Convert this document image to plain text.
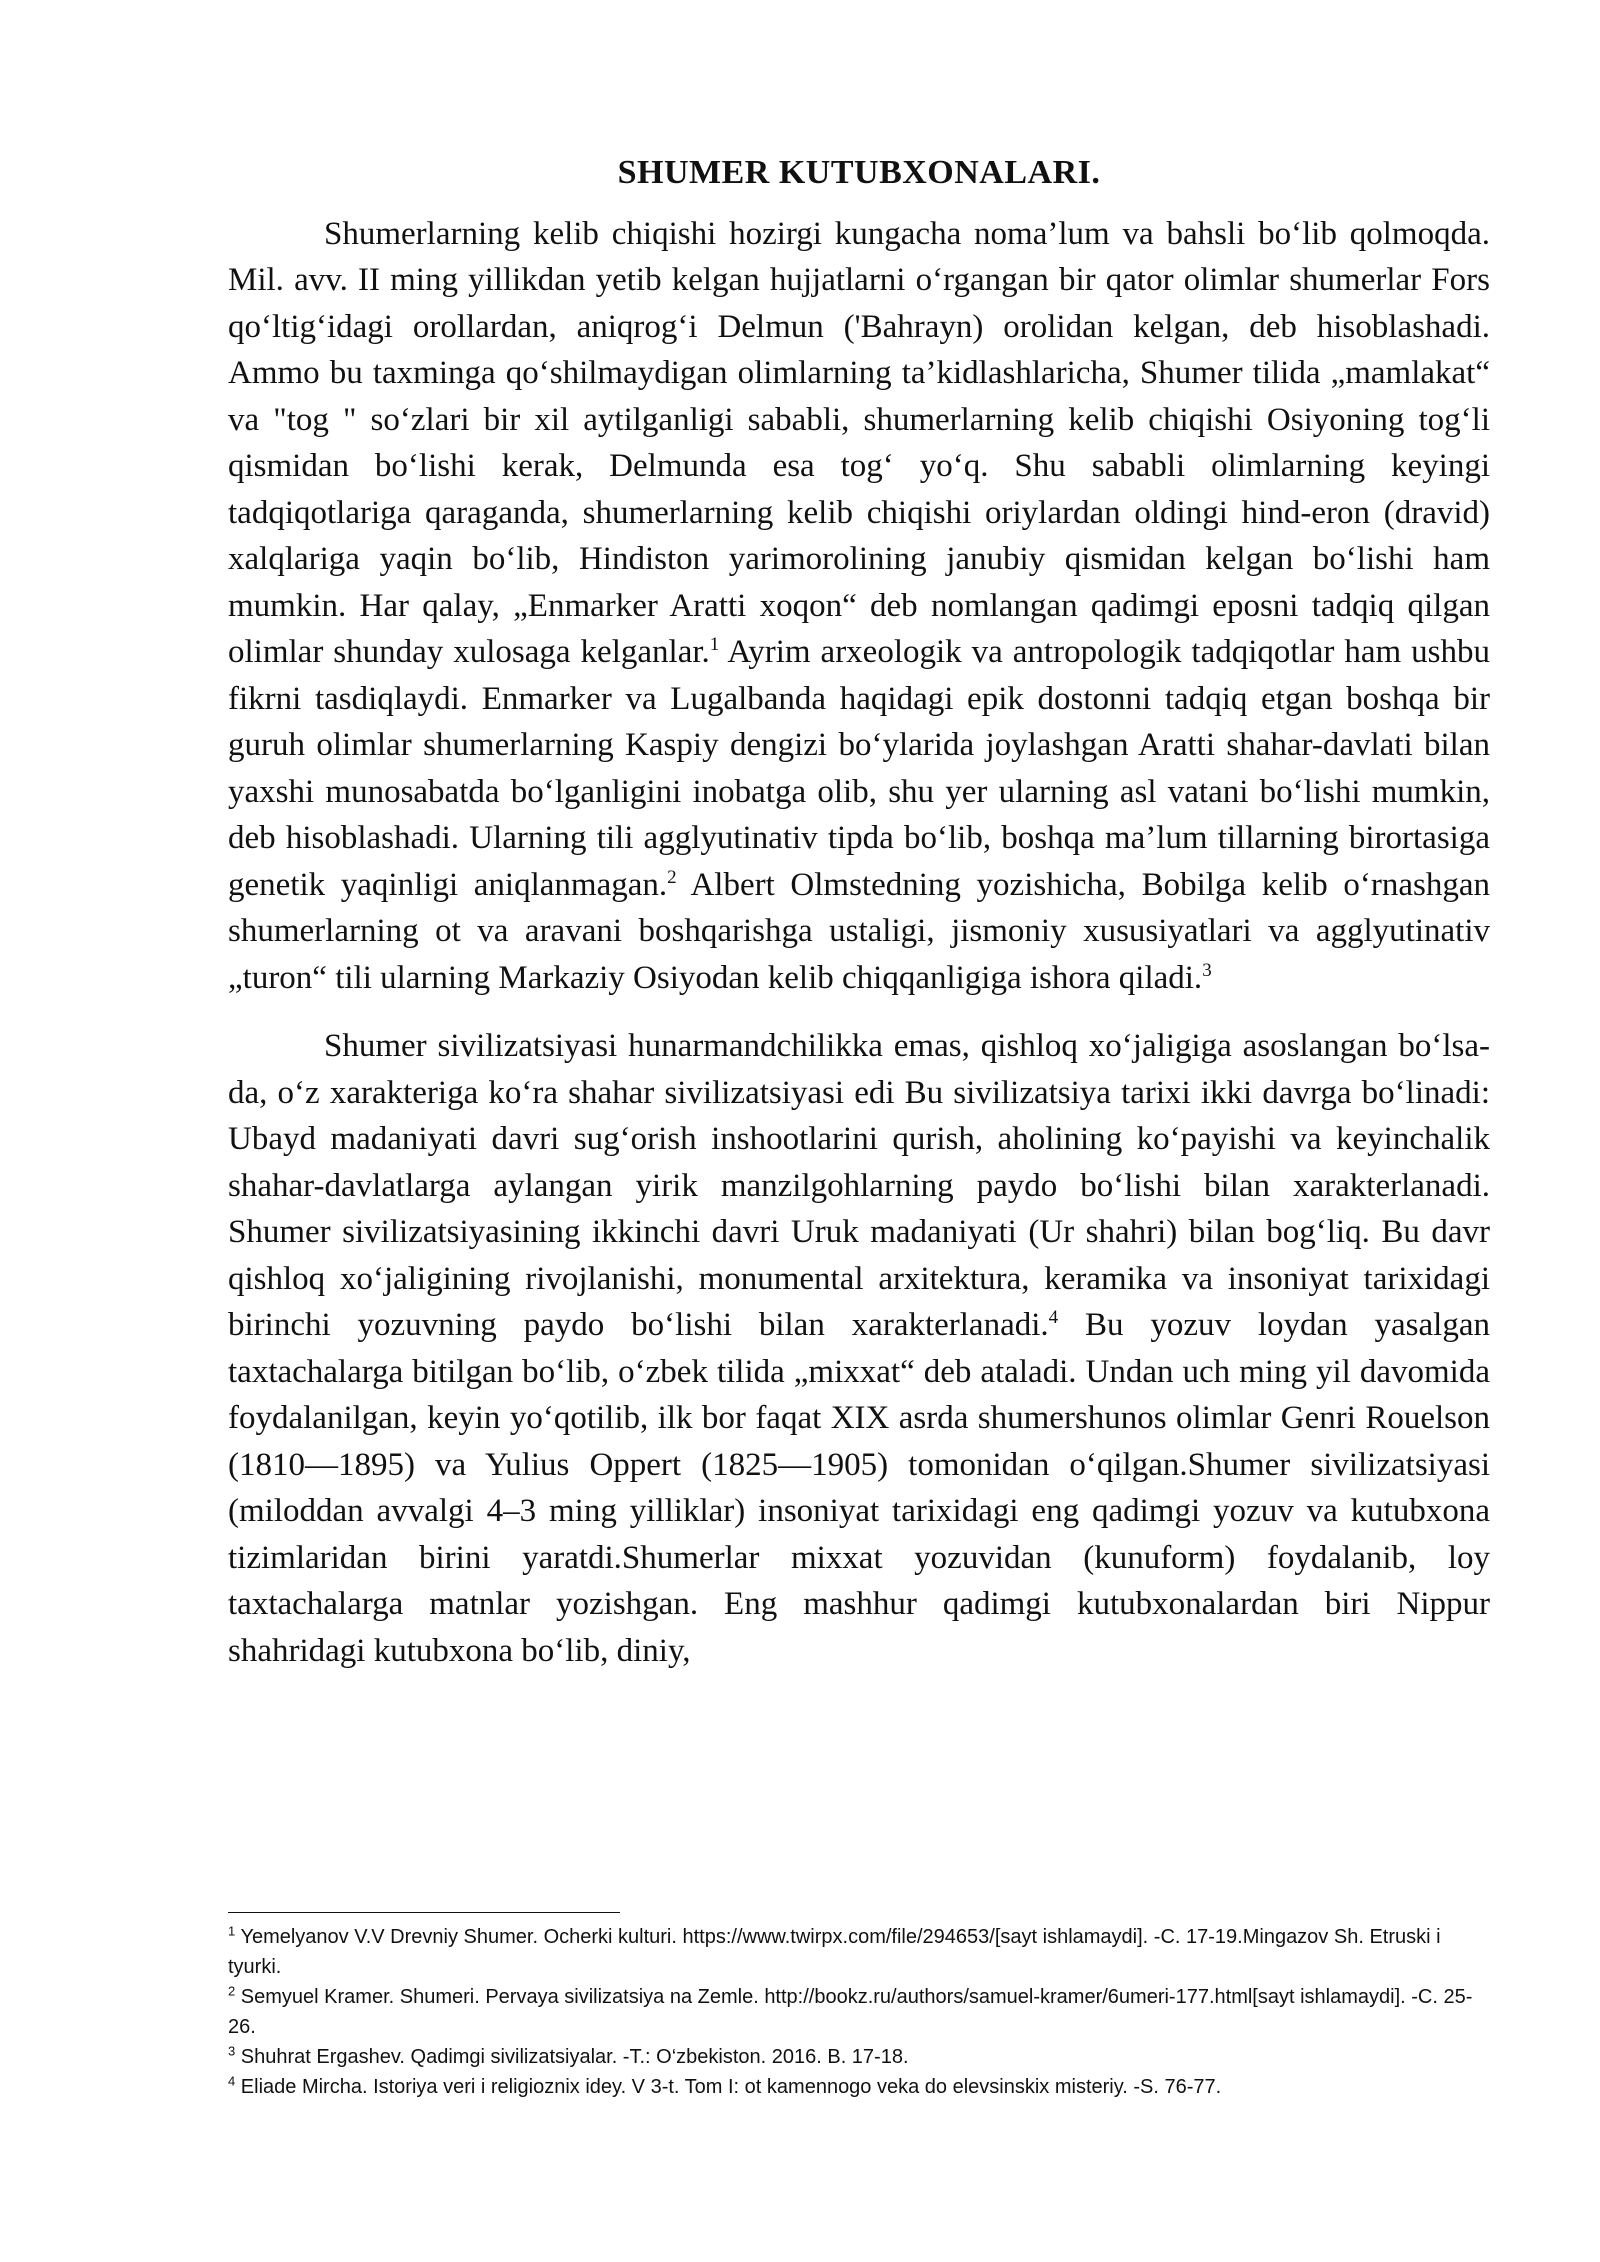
SHUMER KUTUBXONALARI.

Shumerlarning kelib chiqishi hozirgi kungacha noma’lum va bahsli bo‘lib qolmoqda. Mil. avv. II ming yillikdan yetib kelgan hujjatlarni o‘rgangan bir qator olimlar shumerlar Fors qo‘ltig‘idagi orollardan, aniqrog‘i Delmun ('Bahrayn) orolidan kelgan, deb hisoblashadi. Ammo bu taxminga qo‘shilmaydigan olimlarning ta’kidlashlaricha, Shumer tilida „mamlakat“ va "tog " so‘zlari bir xil aytilganligi sababli, shumerlarning kelib chiqishi Osiyoning tog‘li qismidan bo‘lishi kerak, Delmunda esa tog‘ yo‘q. Shu sababli olimlarning keyingi tadqiqotlariga qaraganda, shumerlarning kelib chiqishi oriylardan oldingi hind-eron (dravid) xalqlariga yaqin bo‘lib, Hindiston yarimorolining janubiy qismidan kelgan bo‘lishi ham mumkin. Har qalay, „Enmarker Aratti xoqon“ deb nomlangan qadimgi eposni tadqiq qilgan olimlar shunday xulosaga kelganlar.$^1$ Ayrim arxeologik va antropologik tadqiqotlar ham ushbu fikrni tasdiqlaydi. Enmarker va Lugalbanda haqidagi epik dostonni tadqiq etgan boshqa bir guruh olimlar shumerlarning Kaspiy dengizi bo‘ylarida joylashgan Aratti shahar-davlati bilan yaxshi munosabatda bo‘lganligini inobatga olib, shu yer ularning asl vatani bo‘lishi mumkin, deb hisoblashadi. Ularning tili agglyutinativ tipda bo‘lib, boshqa ma’lum tillarning birortasiga genetik yaqinligi aniqlanmagan.$^2$ Albert Olmstedning yozishicha, Bobilga kelib o‘rnashgan shumerlarning ot va aravani boshqarishga ustaligi, jismoniy xususiyatlari va agglyutinativ „turon“ tili ularning Markaziy Osiyodan kelib chiqqanligiga ishora qiladi.$^3$

Shumer sivilizatsiyasi hunarmandchilikka emas, qishloq xo‘jaligiga asoslangan bo‘lsa-da, o‘z xarakteriga ko‘ra shahar sivilizatsiyasi edi Bu sivilizatsiya tarixi ikki davrga bo‘linadi: Ubayd madaniyati davri sug‘orish inshootlarini qurish, aholining ko‘payishi va keyinchalik shahar-davlatlarga aylangan yirik manzilgohlarning paydo bo‘lishi bilan xarakterlanadi. Shumer sivilizatsiyasining ikkinchi davri Uruk madaniyati (Ur shahri) bilan bog‘liq. Bu davr qishloq xo‘jaligining rivojlanishi, monumental arxitektura, keramika va insoniyat tarixidagi birinchi yozuvning paydo bo‘lishi bilan xarakterlanadi.$^4$ Bu yozuv loydan yasalgan taxtachalarga bitilgan bo‘lib, o‘zbek tilida „mixxat“ deb ataladi. Undan uch ming yil davomida foydalanilgan, keyin yo‘qotilib, ilk bor faqat XIX asrda shumershunos olimlar Genri Rouelson (1810—1895) va Yulius Oppert (1825—1905) tomonidan o‘qilgan.Shumer sivilizatsiyasi (miloddan avvalgi 4–3 ming yilliklar) insoniyat tarixidagi eng qadimgi yozuv va kutubxona tizimlaridan birini yaratdi.Shumerlar mixxat yozuvidan (kunuform) foydalanib, loy taxtachalarga matnlar yozishgan. Eng mashhur qadimgi kutubxonalardan biri Nippur shahridagi kutubxona bo‘lib, diniy,

$^1$ Yemelyanov V.V Drevniy Shumer. Ocherki kulturi. https://www.twirpx.com/file/294653/[sayt ishlamaydi]. -C. 17-19.Mingazov Sh. Etruski i tyurki.

$^2$ Semyuel Kramer. Shumeri. Pervaya sivilizatsiya na Zemle. http://bookz.ru/authors/samuel-kramer/6umeri-177.html[sayt ishlamaydi]. -C. 25-26.

$^3$ Shuhrat Ergashev. Qadimgi sivilizatsiyalar. -T.: O‘zbekiston. 2016. B. 17-18.

$^4$ Eliade Mircha. Istoriya veri i religioznix idey. V 3-t. Tom I: ot kamennogo veka do elevsinskix misteriy. -S. 76-77.
